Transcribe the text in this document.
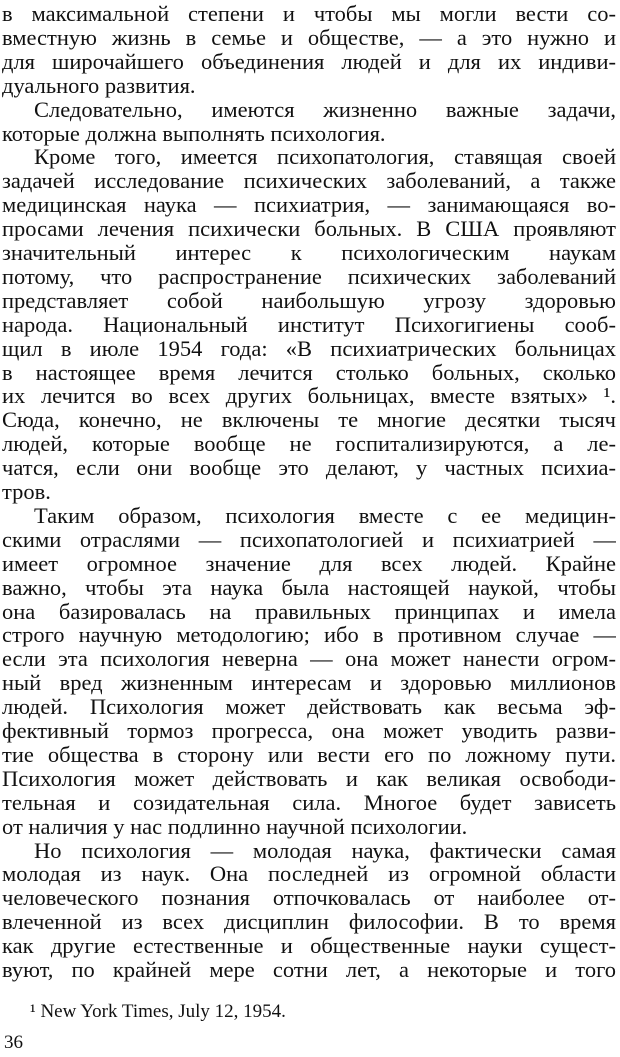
в максимальной степени и чтобы мы могли вести со-
вместную жизнь в семье и обществе, — а это нужно и
для широчайшего объединения людей и для их индиви-
дуального развития.
Следовательно, имеются жизненно важные задачи,
которые должна выполнять психология.
Кроме того, имеется психопатология, ставящая своей
задачей исследование психических заболеваний, а также
медицинская наука — психиатрия, — занимающаяся во-
просами лечения психически больных. В США проявляют
значительный интерес к психологическим наукам
потому, что распространение психических заболеваний
представляет собой наибольшую угрозу здоровью
народа. Национальный институт Психогигиены сооб-
щил в июле 1954 года: «В психиатрических больницах
в настоящее время лечится столько больных, сколько
их лечится во всех других больницах, вместе взятых» ¹.
Сюда, конечно, не включены те многие десятки тысяч
людей, которые вообще не госпитализируются, а ле-
чатся, если они вообще это делают, у частных психиа-
тров.
Таким образом, психология вместе с ее медицин-
скими отраслями — психопатологией и психиатрией —
имеет огромное значение для всех людей. Крайне
важно, чтобы эта наука была настоящей наукой, чтобы
она базировалась на правильных принципах и имела
строго научную методологию; ибо в противном случае —
если эта психология неверна — она может нанести огром-
ный вред жизненным интересам и здоровью миллионов
людей. Психология может действовать как весьма эф-
фективный тормоз прогресса, она может уводить разви-
тие общества в сторону или вести его по ложному пути.
Психология может действовать и как великая освободи-
тельная и созидательная сила. Многое будет зависеть
от наличия у нас подлинно научной психологии.
Но психология — молодая наука, фактически самая
молодая из наук. Она последней из огромной области
человеческого познания отпочковалась от наиболее от-
влеченной из всех дисциплин философии. В то время
как другие естественные и общественные науки сущест-
вуют, по крайней мере сотни лет, а некоторые и того
¹ New York Times, July 12, 1954.
36
